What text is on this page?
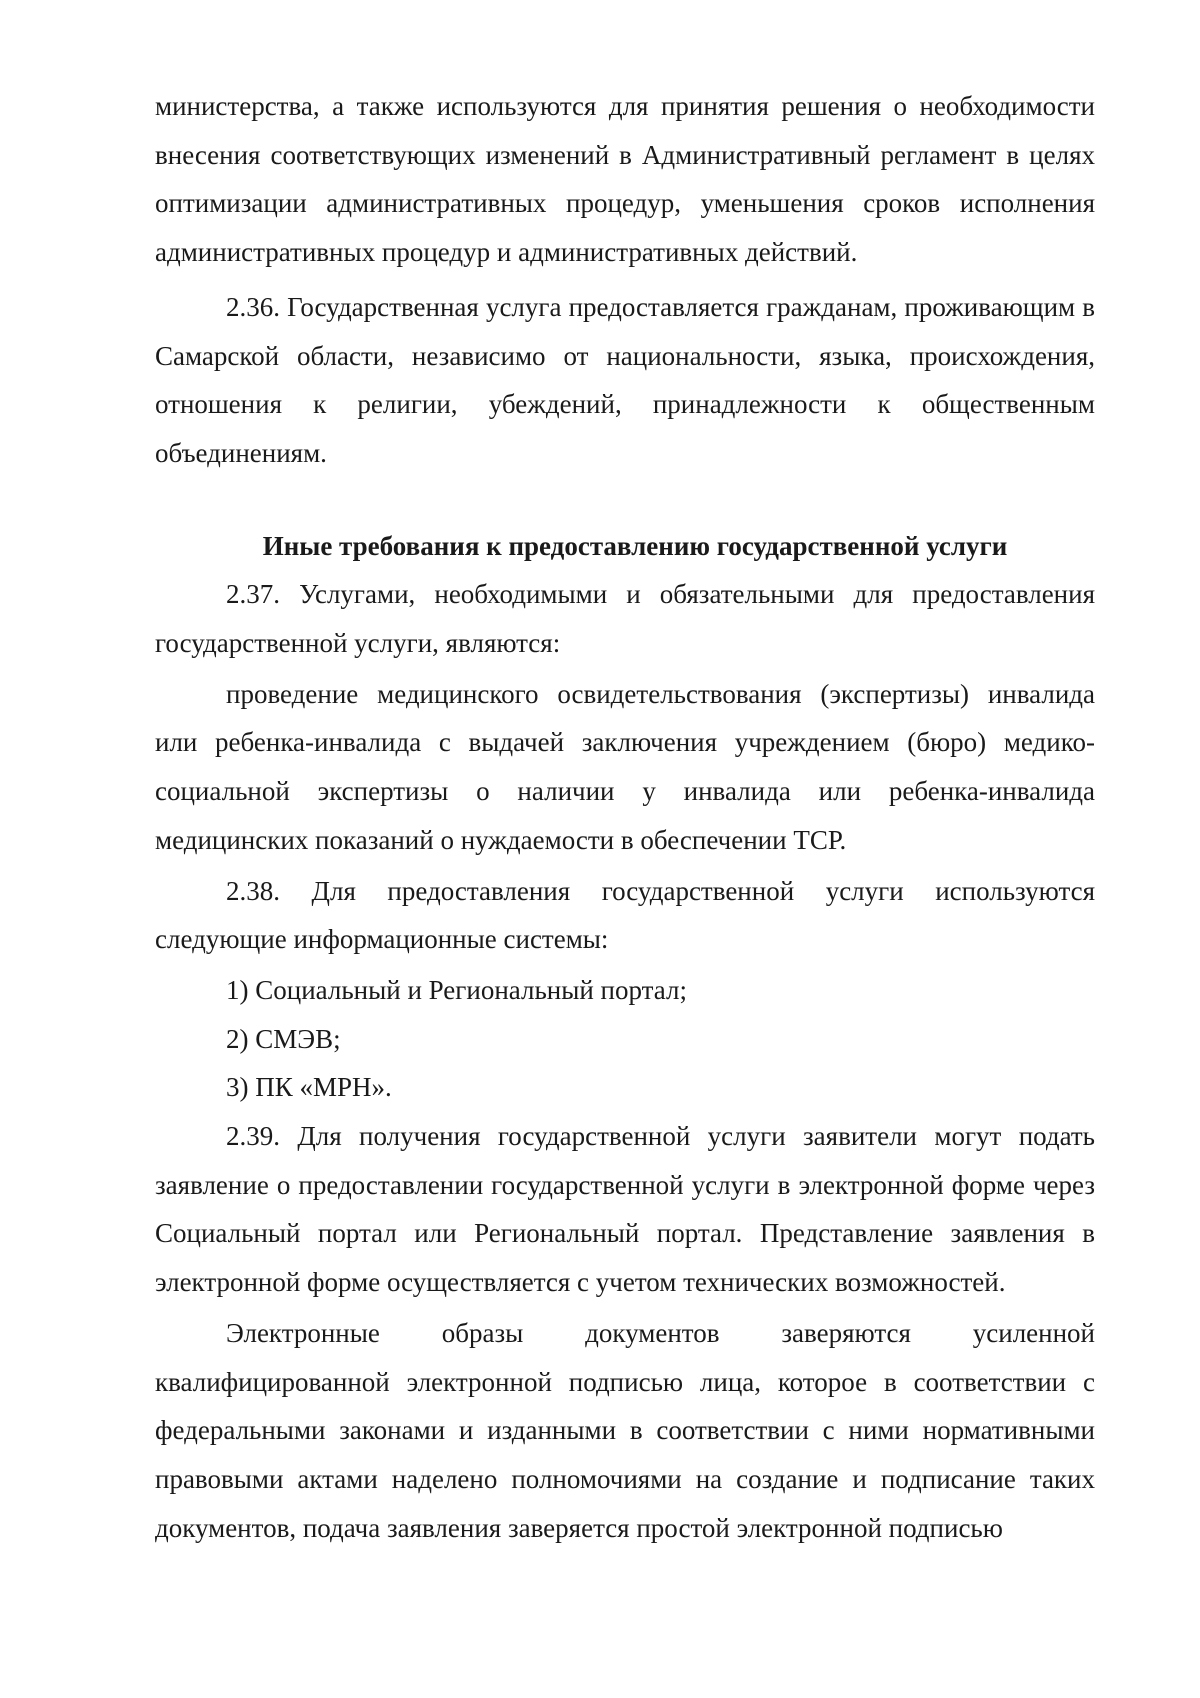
министерства, а также используются для принятия решения о необходимости внесения соответствующих изменений в Административный регламент в целях оптимизации административных процедур, уменьшения сроков исполнения административных процедур и административных действий.

2.36. Государственная услуга предоставляется гражданам, проживающим в Самарской области, независимо от национальности, языка, происхождения, отношения к религии, убеждений, принадлежности к общественным объединениям.

Иные требования к предоставлению государственной услуги

2.37. Услугами, необходимыми и обязательными для предоставления государственной услуги, являются:

проведение медицинского освидетельствования (экспертизы) инвалида или ребенка-инвалида с выдачей заключения учреждением (бюро) медико-социальной экспертизы о наличии у инвалида или ребенка-инвалида медицинских показаний о нуждаемости в обеспечении ТСР.

2.38. Для предоставления государственной услуги используются следующие информационные системы:

1) Социальный и Региональный портал;

2) СМЭВ;

3) ПК «МРН».

2.39. Для получения государственной услуги заявители могут подать заявление о предоставлении государственной услуги в электронной форме через Социальный портал или Региональный портал. Представление заявления в электронной форме осуществляется с учетом технических возможностей.

Электронные образы документов заверяются усиленной квалифицированной электронной подписью лица, которое в соответствии с федеральными законами и изданными в соответствии с ними нормативными правовыми актами наделено полномочиями на создание и подписание таких документов, подача заявления заверяется простой электронной подписью
